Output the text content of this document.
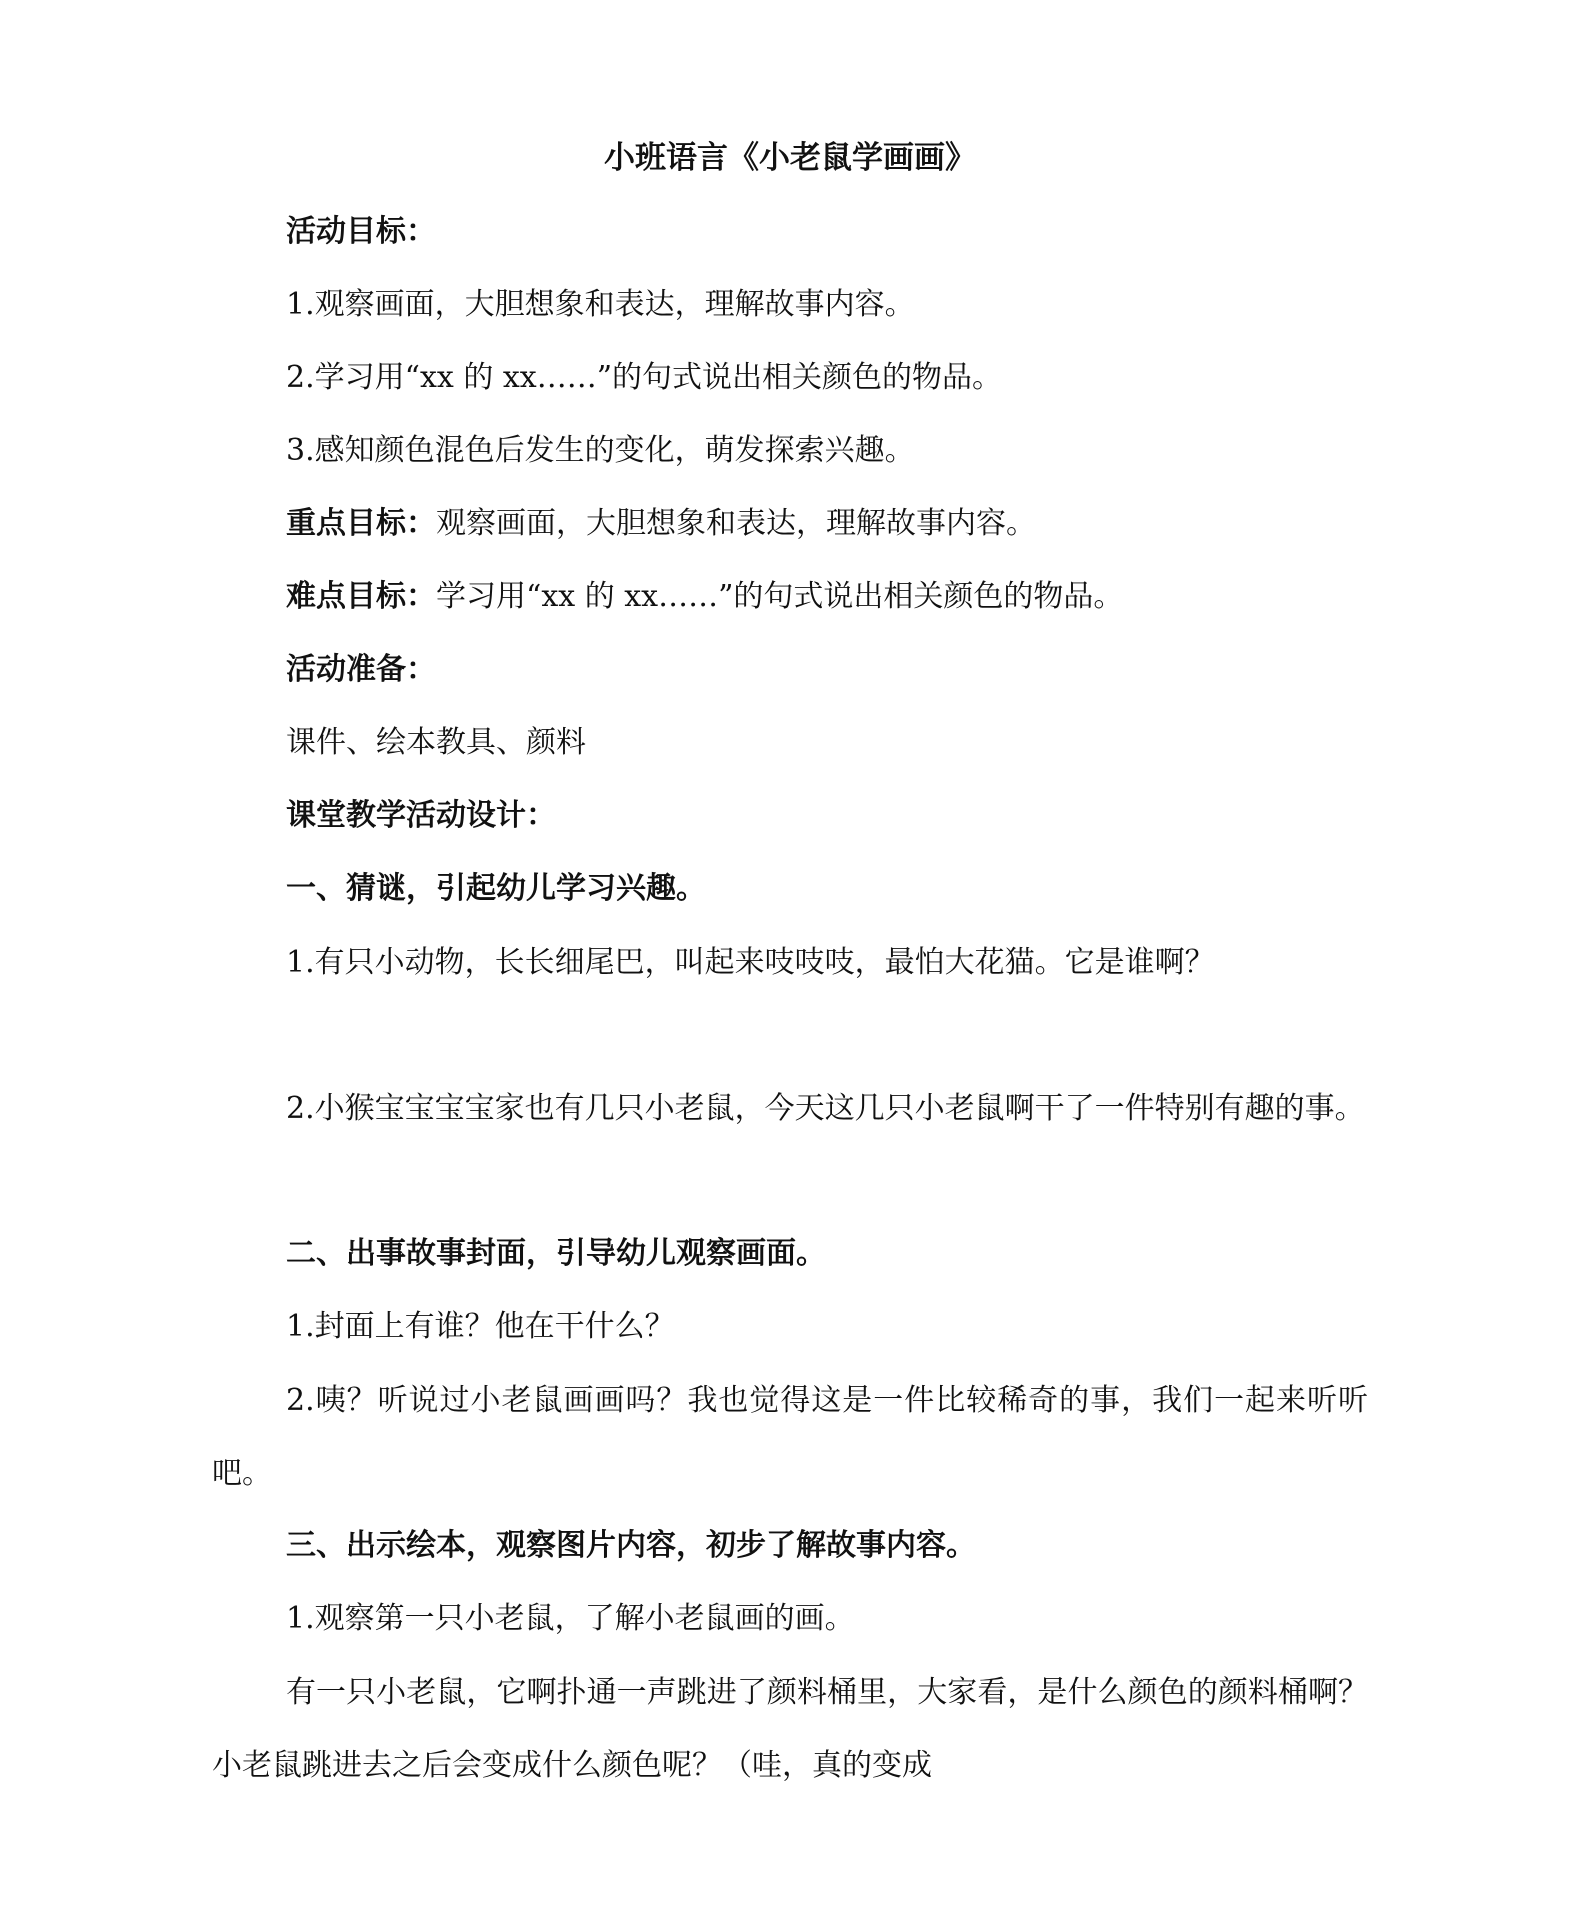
小班语言《小老鼠学画画》
活动目标：
1.观察画面，大胆想象和表达，理解故事内容。
2.学习用“xx 的 xx……”的句式说出相关颜色的物品。
3.感知颜色混色后发生的变化，萌发探索兴趣。
重点目标：观察画面，大胆想象和表达，理解故事内容。
难点目标：学习用“xx 的 xx……”的句式说出相关颜色的物品。
活动准备：
课件、绘本教具、颜料
课堂教学活动设计：
一、猜谜，引起幼儿学习兴趣。
1.有只小动物，长长细尾巴，叫起来吱吱吱，最怕大花猫。它是谁啊？
2.小猴宝宝宝宝家也有几只小老鼠，今天这几只小老鼠啊干了一件特别有趣的事。
二、出事故事封面，引导幼儿观察画面。
1.封面上有谁？他在干什么？
2.咦？听说过小老鼠画画吗？我也觉得这是一件比较稀奇的事，我们一起来听听吧。
三、出示绘本，观察图片内容，初步了解故事内容。
1.观察第一只小老鼠，了解小老鼠画的画。
有一只小老鼠，它啊扑通一声跳进了颜料桶里，大家看，是什么颜色的颜料桶啊？小老鼠跳进去之后会变成什么颜色呢？（哇，真的变成
